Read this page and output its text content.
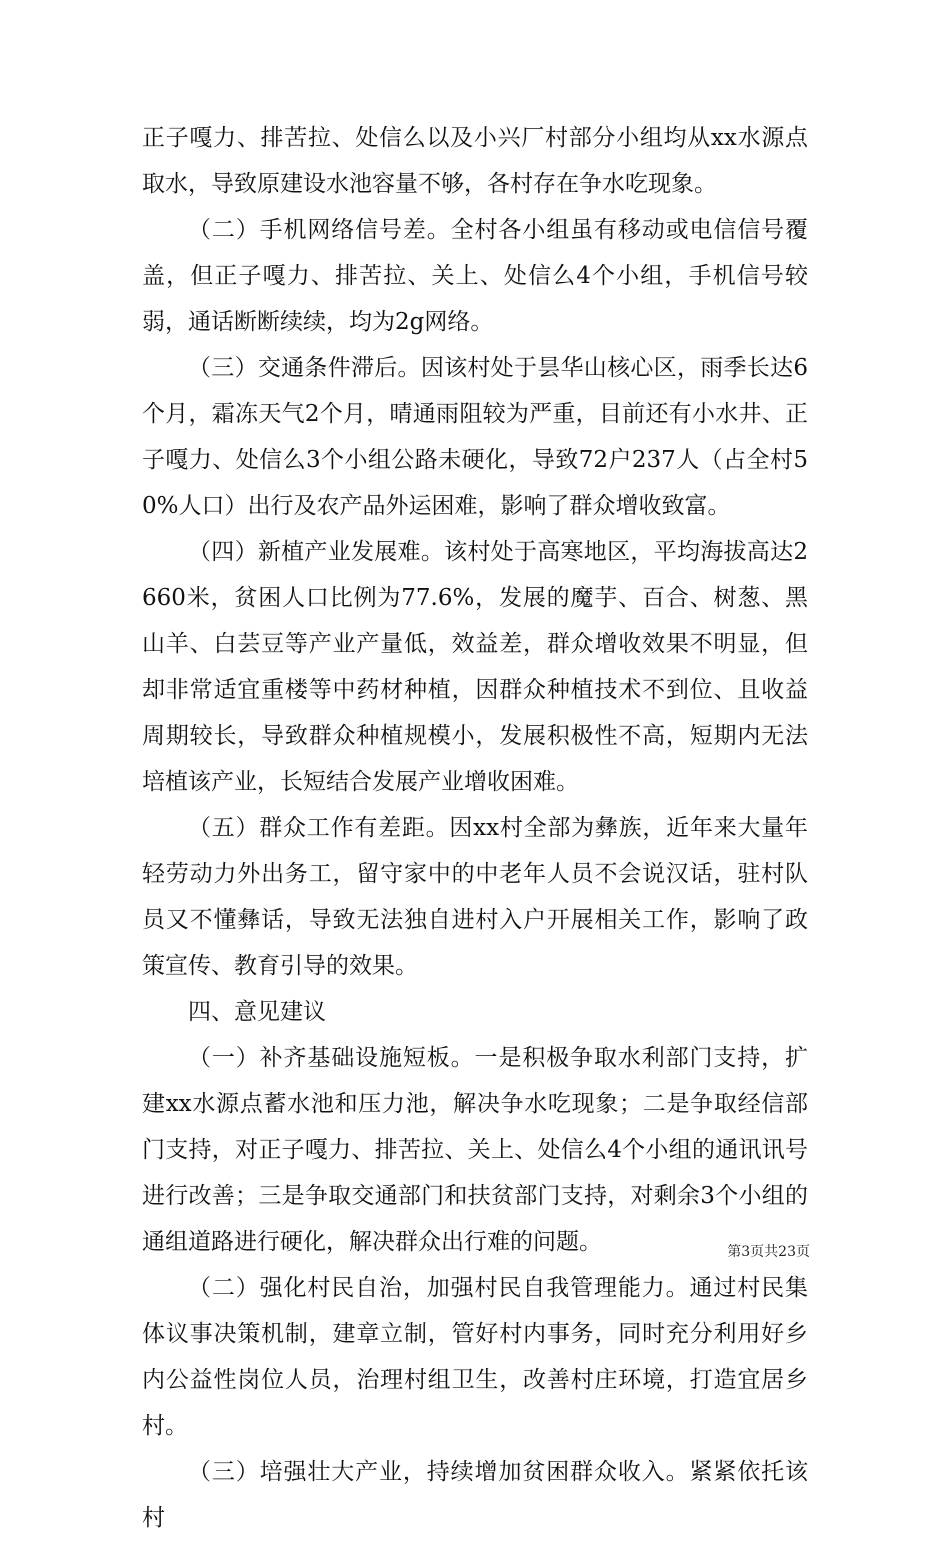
正子嘎力、排苦拉、处信么以及小兴厂村部分小组均从xx水源点取水，导致原建设水池容量不够，各村存在争水吃现象。

（二）手机网络信号差。全村各小组虽有移动或电信信号覆盖，但正子嘎力、排苦拉、关上、处信么4个小组，手机信号较弱，通话断断续续，均为2g网络。

（三）交通条件滞后。因该村处于昙华山核心区，雨季长达6个月，霜冻天气2个月，晴通雨阻较为严重，目前还有小水井、正子嘎力、处信么3个小组公路未硬化，导致72户237人（占全村50%人口）出行及农产品外运困难，影响了群众增收致富。

（四）新植产业发展难。该村处于高寒地区，平均海拔高达2660米，贫困人口比例为77.6%，发展的魔芋、百合、树葱、黑山羊、白芸豆等产业产量低，效益差，群众增收效果不明显，但却非常适宜重楼等中药材种植，因群众种植技术不到位、且收益周期较长，导致群众种植规模小，发展积极性不高，短期内无法培植该产业，长短结合发展产业增收困难。

（五）群众工作有差距。因xx村全部为彝族，近年来大量年轻劳动力外出务工，留守家中的中老年人员不会说汉话，驻村队员又不懂彝话，导致无法独自进村入户开展相关工作，影响了政策宣传、教育引导的效果。

四、意见建议

（一）补齐基础设施短板。一是积极争取水利部门支持，扩建xx水源点蓄水池和压力池，解决争水吃现象；二是争取经信部门支持，对正子嘎力、排苦拉、关上、处信么4个小组的通讯讯号进行改善；三是争取交通部门和扶贫部门支持，对剩余3个小组的通组道路进行硬化，解决群众出行难的问题。

（二）强化村民自治，加强村民自我管理能力。通过村民集体议事决策机制，建章立制，管好村内事务，同时充分利用好乡内公益性岗位人员，治理村组卫生，改善村庄环境，打造宜居乡村。

（三）培强壮大产业，持续增加贫困群众收入。紧紧依托该村

第3页共23页
